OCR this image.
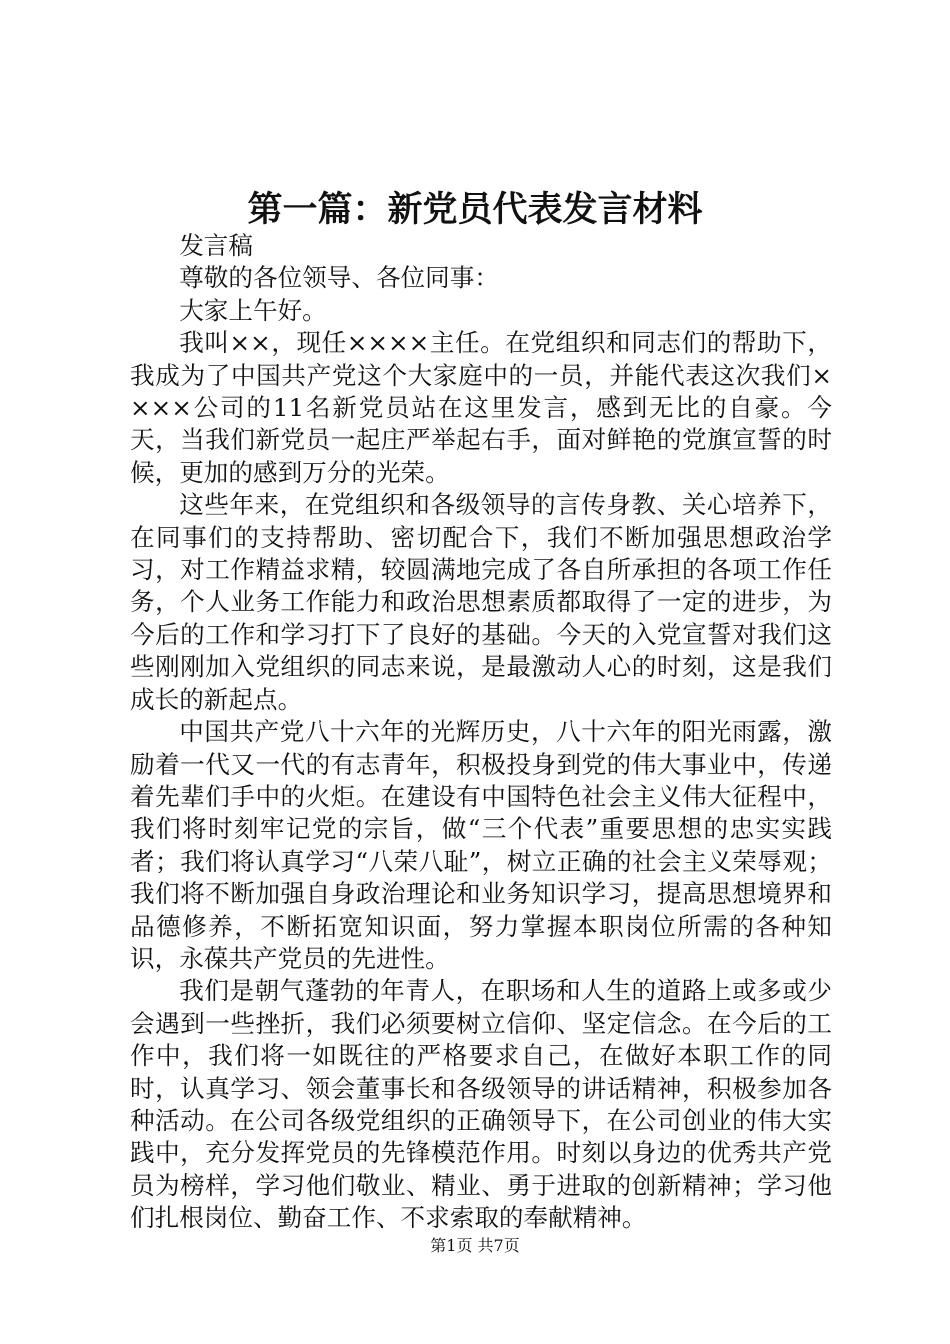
第一篇：新党员代表发言材料

发言稿

尊敬的各位领导、各位同事：

大家上午好。

我叫××，现任××××主任。在党组织和同志们的帮助下，我成为了中国共产党这个大家庭中的一员，并能代表这次我们××××公司的11名新党员站在这里发言，感到无比的自豪。今天，当我们新党员一起庄严举起右手，面对鲜艳的党旗宣誓的时候，更加的感到万分的光荣。

这些年来，在党组织和各级领导的言传身教、关心培养下，在同事们的支持帮助、密切配合下，我们不断加强思想政治学习，对工作精益求精，较圆满地完成了各自所承担的各项工作任务，个人业务工作能力和政治思想素质都取得了一定的进步，为今后的工作和学习打下了良好的基础。今天的入党宣誓对我们这些刚刚加入党组织的同志来说，是最激动人心的时刻，这是我们成长的新起点。

中国共产党八十六年的光辉历史，八十六年的阳光雨露，激励着一代又一代的有志青年，积极投身到党的伟大事业中，传递着先辈们手中的火炬。在建设有中国特色社会主义伟大征程中，我们将时刻牢记党的宗旨，做“三个代表”重要思想的忠实实践者；我们将认真学习“八荣八耻”，树立正确的社会主义荣辱观；我们将不断加强自身政治理论和业务知识学习，提高思想境界和品德修养，不断拓宽知识面，努力掌握本职岗位所需的各种知识，永葆共产党员的先进性。

我们是朝气蓬勃的年青人，在职场和人生的道路上或多或少会遇到一些挫折，我们必须要树立信仰、坚定信念。在今后的工作中，我们将一如既往的严格要求自己，在做好本职工作的同时，认真学习、领会董事长和各级领导的讲话精神，积极参加各种活动。在公司各级党组织的正确领导下，在公司创业的伟大实践中，充分发挥党员的先锋模范作用。时刻以身边的优秀共产党员为榜样，学习他们敬业、精业、勇于进取的创新精神；学习他们扎根岗位、勤奋工作、不求索取的奉献精神。

第1页 共7页
